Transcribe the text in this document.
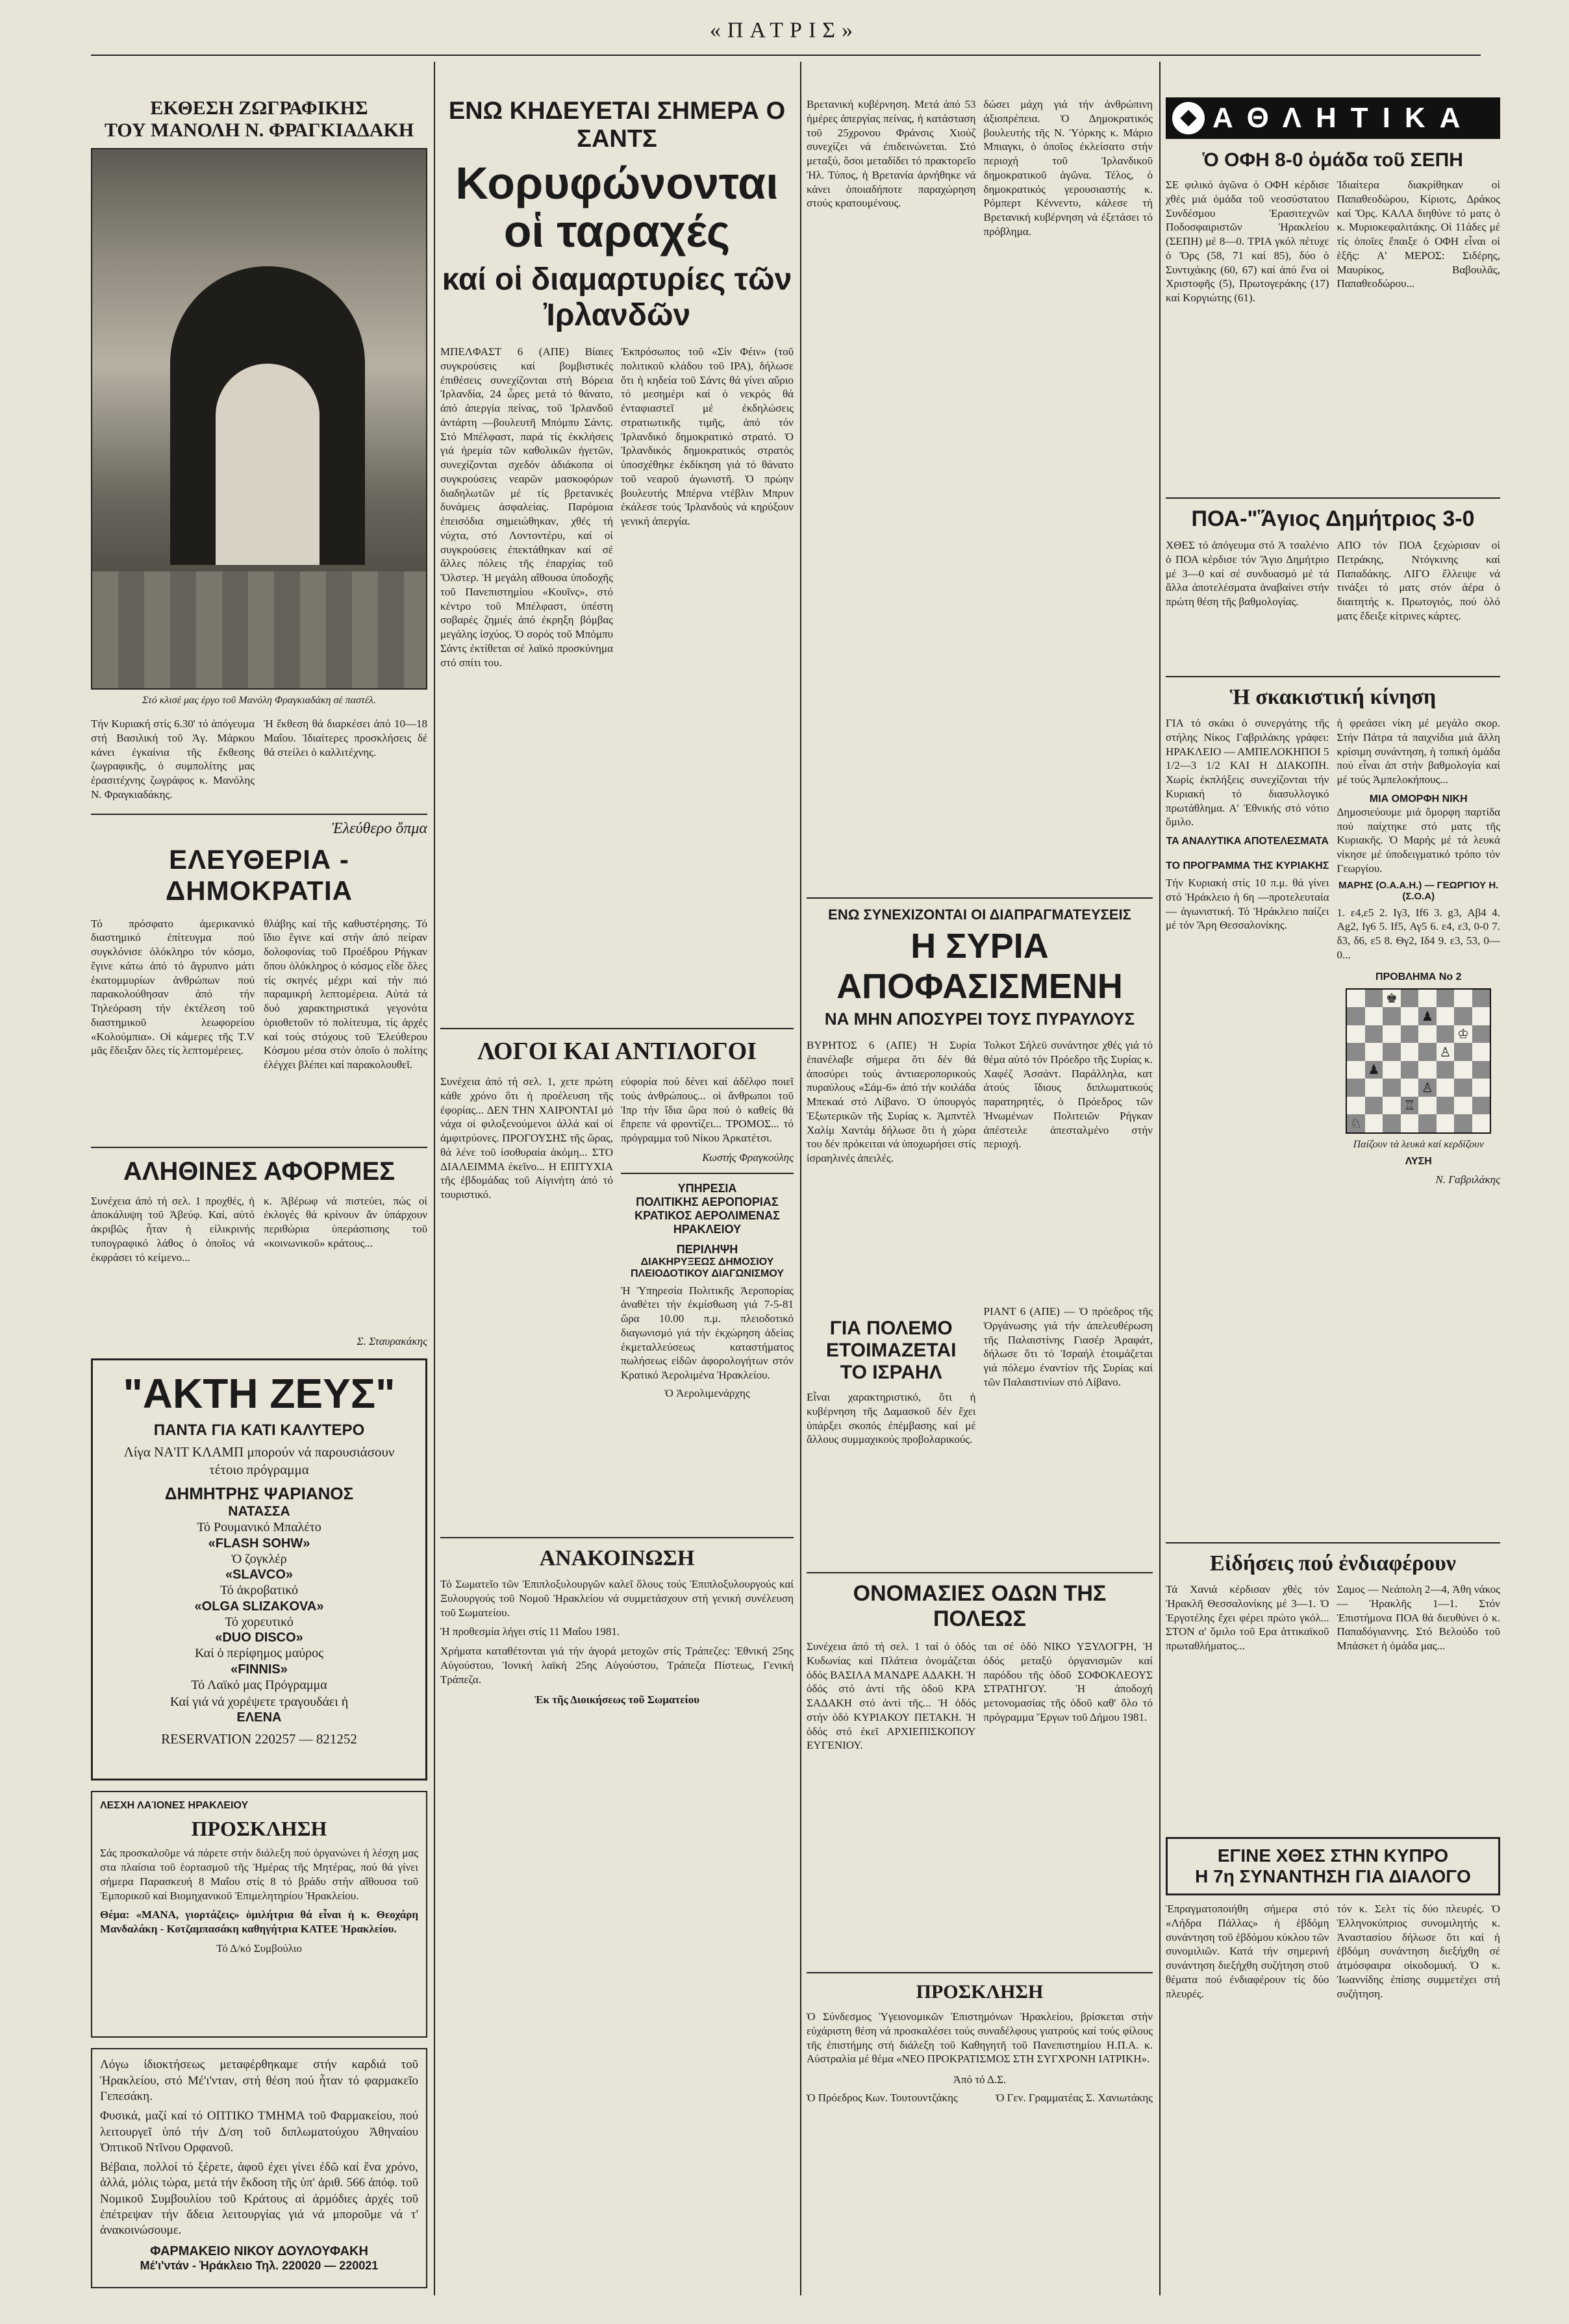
«ΠΑΤΡΙΣ»
ΕΚΘΕΣΗ ΖΩΓΡΑΦΙΚΗΣ
ΤΟΥ ΜΑΝΟΛΗ Ν. ΦΡΑΓΚΙΑΔΑΚΗ
Στό κλισέ μας έργο τοῦ Μανόλη Φραγκιαδάκη σέ παστέλ.

Τήν Κυριακή στίς 6.30' τό ἀπόγευμα στή Βασιλική τοῦ Ἁγ. Μάρκου κάνει ἐγκαίνια τῆς ἔκθεσης ζωγραφικῆς, ὁ συμπολίτης μας ἐρασιτέχνης ζωγράφος κ. Μανόλης Ν. Φραγκιαδάκης.

Ἡ ἔκθεση θά διαρκέσει ἀπό 10—18 Μαΐου. Ἰδιαίτερες προσκλήσεις δέ θά στείλει ὁ καλλιτέχνης.

Ἐλεύθερο ὄπμα
ΕΛΕΥΘΕΡΙΑ - ΔΗΜΟΚΡΑΤΙΑ

Τό πρόσφατο ἀμερικανικό διαστημικό ἐπίτευγμα πού συγκλόνισε ὁλόκληρο τόν κόσμο, ἔγινε κάτω ἀπό τό ἄγρυπνο μάτι ἑκατομμυρίων ἀνθρώπων πού παρακολούθησαν ἀπό τήν Τηλεόραση τήν ἐκτέλεση τοῦ διαστημικοῦ λεωφορείου «Κολούμπια». Οἱ κάμερες τῆς Τ.V μᾶς ἔδειξαν ὅλες τίς λεπτομέρειες.

θλάβης καί τῆς καθυστέρησης. Τό ἴδιο ἔγινε καί στήν ἀπό πείραν δολοφονίας τοῦ Προέδρου Ρήγκαν ὅπου ὁλόκληρος ὁ κόσμος εἶδε ὅλες τίς σκηνές μέχρι καί τήν πιό παραμικρή λεπτομέρεια. Αὐτά τά δυό χαρακτηριστικά γεγονότα ὁριοθετοῦν τό πολίτευμα, τίς ἀρχές καί τούς στόχους τοῦ Ἐλεύθερου Κόσμου μέσα στόν ὁποῖο ὁ πολίτης ἐλέγχει βλέπει καί παρακολουθεῖ.

ΑΛΗΘΙΝΕΣ ΑΦΟΡΜΕΣ

Συνέχεια ἀπό τή σελ. 1 προχθές, ἡ ἀποκάλυψη τοῦ Ἀβεύφ. Καί, αὐτό ἀκριβῶς ἦταν ἡ εἰλικρινής τυπογραφικό λάθος ὁ ὁποῖος νά ἐκφράσει τό κείμενο...

κ. Ἀβέρωφ νά πιστεύει, πώς οἱ ἐκλογές θά κρίνουν ἄν ὑπάρχουν περιθώρια ὑπεράσπισης τοῦ «κοινωνικοῦ» κράτους...

Σ. Σταυρακάκης
"ΑΚΤΗ ΖΕΥΣ"
ΠΑΝΤΑ ΓΙΑ ΚΑΤΙ ΚΑΛΥΤΕΡΟ
Λίγα ΝΑ'ΙΤ ΚΛΑΜΠ μπορούν νά παρουσιάσουν
τέτοιο πρόγραμμα
ΔΗΜΗΤΡΗΣ ΨΑΡΙΑΝΟΣ
ΝΑΤΑΣΣΑ
Τό Ρουμανικό Μπαλέτο
«FLASH SOHW»
Ὁ ζογκλέρ
«SLAVCO»
Τό ἀκροβατικό
«OLGA SLIZAKOVA»
Τό χορευτικό
«DUO DISCO»
Καί ὁ περίφημος μαύρος
«FINNIS»
Τό Λαϊκό μας Πρόγραμμα
Καί γιά νά χορέψετε τραγουδάει ἡ
ΕΛΕΝΑ
RESERVATION 220257 — 821252
ΛΕΣΧΗ ΛΑΊΟΝΕΣ ΗΡΑΚΛΕΙΟΥ
ΠΡΟΣΚΛΗΣΗ

Σάς προσκαλοῦμε νά πάρετε στήν διάλεξη πού ὀργανώνει ἡ λέσχη μας στα πλαίσια τοῦ ἑορτασμοῦ τῆς Ἡμέρας τῆς Μητέρας, πού θά γίνει σήμερα Παρασκευή 8 Μαΐου στίς 8 τό βράδυ στήν αἴθουσα τοῦ Ἐμπορικοῦ καί Βιομηχανικοῦ Ἐπιμελητηρίου Ἡρακλείου.

Θέμα: «ΜΑΝΑ, γιορτάζεις» ὁμιλήτρια θά εἶναι ἡ κ. Θεοχάρη Μανδαλάκη - Κοτζαμπασάκη καθηγήτρια ΚΑΤΕΕ Ἡρακλείου.

Τό Δ/κό Συμβούλιο

Λόγω ἰδιοκτήσεως μεταφέρθηκαμε στήν καρδιά τοῦ Ἡρακλείου, στό Μέ'ι'νταν, στή θέση πού ἦταν τό φαρμακεῖο Γεπεσάκη.

Φυσικά, μαζί καί τό ΟΠΤΙΚΟ ΤΜΗΜΑ τοῦ Φαρμακείου, πού λειτουργεῖ ὑπό τήν Δ/ση τοῦ διπλωματούχου Ἀθηναίου Ὀπτικοῦ Ντῖνου Ορφανοῦ.

Βέβαια, πολλοί τό ξέρετε, ἀφοῦ ἐχει γίνει ἐδῶ καί ἕνα χρόνο, ἀλλά, μόλις τώρα, μετά τήν ἔκδοση τῆς ὑπ' ἀριθ. 566 ἀπόφ. τοῦ Νομικοῦ Συμβουλίου τοῦ Κράτους αἱ ἀρμόδιες ἀρχές τοῦ ἐπέτρεψαν τήν ἄδεια λειτουργίας γιά νά μποροῦμε νά τ' ἀνακοινώσουμε.

ΦΑΡΜΑΚΕΙΟ ΝΙΚΟΥ ΔΟΥΛΟΥΦΑΚΗ
Μέ'ι'ντάν - Ἡράκλειο Τηλ. 220020 — 220021
ΕΝΩ ΚΗΔΕΥΕΤΑΙ ΣΗΜΕΡΑ Ο ΣΑΝΤΣ
Κορυφώνονται οἱ ταραχές
καί οἱ διαμαρτυρίες τῶν Ἰρλανδῶν

ΜΠΕΛΦΑΣΤ 6 (ΑΠΕ) Βίαιες συγκρούσεις καί βομβιστικές ἐπιθέσεις συνεχίζονται στή Βόρεια Ἰρλανδία, 24 ὧρες μετά τό θάνατο, ἀπό ἀπεργία πείνας, τοῦ Ἰρλανδοῦ ἀντάρτη —βουλευτῆ Μπόμπυ Σάντς. Στό Μπέλφαστ, παρά τίς ἐκκλήσεις γιά ἠρεμία τῶν καθολικῶν ἠγετῶν, συνεχίζονται σχεδόν ἀδιάκοπα οἱ συγκρούσεις νεαρῶν μασκοφόρων διαδηλωτῶν μέ τίς βρετανικές δυνάμεις ἀσφαλείας. Παρόμοια ἐπεισόδια σημειώθηκαν, χθές τή νύχτα, στό Λοντοντέρυ, καί οἱ συγκρούσεις ἐπεκτάθηκαν καί σέ ἄλλες πόλεις τῆς ἐπαρχίας τοῦ Ὄλστερ. Ἡ μεγάλη αἴθουσα ὑποδοχῆς τοῦ Πανεπιστημίου «Κουῖνς», στό κέντρο τοῦ Μπέλφαστ, ὑπέστη σοβαρές ζημιές ἀπό ἐκρηξη βόμβας μεγάλης ἰσχύος. Ὁ σορός τοῦ Μπόμπυ Σάντς ἐκτίθεται σέ λαϊκό προσκύνημα στό σπίτι του.

Ἐκπρόσωπος τοῦ «Σίν Φέιν» (τοῦ πολιτικοῦ κλάδου τοῦ IPA), δήλωσε ὅτι ἡ κηδεία τοῦ Σάντς θά γίνει αὔριο τό μεσημέρι καί ὁ νεκρός θά ἐνταφιαστεῖ μέ ἐκδηλώσεις στρατιωτικῆς τιμῆς, ἀπό τόν Ἰρλανδικό δημοκρατικό στρατό. Ὁ Ἰρλανδικός δημοκρατικός στρατός ὑποσχέθηκε ἐκδίκηση γιά τό θάνατο τοῦ νεαροῦ ἀγωνιστῆ. Ὁ πρώην βουλευτής Μπέρνα ντέβλιν Μπρυν ἐκάλεσε τούς Ἰρλανδούς νά κηρύξουν γενική ἀπεργία.

ΛΟΓΟΙ ΚΑΙ ΑΝΤΙΛΟΓΟΙ

Συνέχεια ἀπό τή σελ. 1, χετε πρώτη κάθε χρόνο ὅτι ἡ προέλευση τῆς ἐφορίας... ΔΕΝ ΤΗΝ ΧΑΙΡΟΝΤΑΙ μό νάχα οἱ φιλοξενούμενοι ἀλλά καί οἱ ἀμφιτρύονες. ΠΡΟΓΟΥΣΗΣ τῆς ὥρας, θά λένε τοῦ ἰσοθυραία ἀκόμη... ΣΤΟ ΔΙΑΛΕΙΜΜΑ ἐκεῖνο... Η ΕΠΙΤΥΧΙΑ τῆς ἐβδομάδας τοῦ Αἰγινήτη ἀπό τό τουριστικό.

εὐφορία πού δένει καί ἀδέλφο ποιεῖ τούς ἀνθρώπους... οἱ ἄνθρωποι τοῦ Ἰπρ τήν ἴδια ὥρα πού ὁ καθείς θά ἔπρεπε νά φροντίζει... ΤΡΟΜΟΣ... τό πρόγραμμα τοῦ Νίκου Ἀρκατέτσι.

Κωστής Φραγκούλης
ΥΠΗΡΕΣΙΑ
ΠΟΛΙΤΙΚΗΣ ΑΕΡΟΠΟΡΙΑΣ
ΚΡΑΤΙΚΟΣ ΑΕΡΟΛΙΜΕΝΑΣ
ΗΡΑΚΛΕΙΟΥ
ΠΕΡΙΛΗΨΗ
ΔΙΑΚΗΡΥΞΕΩΣ ΔΗΜΟΣΙΟΥ ΠΛΕΙΟΔΟΤΙΚΟΥ ΔΙΑΓΩΝΙΣΜΟΥ

Ἡ Ὑπηρεσία Πολιτικῆς Ἀεροπορίας ἀναθέτει τήν ἐκμίσθωση γιά 7-5-81 ὥρα 10.00 π.μ. πλειοδοτικό διαγωνισμό γιά τήν ἐκχώρηση ἀδείας ἐκμεταλλεύσεως καταστήματος πωλήσεως εἰδῶν ἀφορολογήτων στόν Κρατικό Ἀερολιμένα Ἡρακλείου.

Ὁ Ἀερολιμενάρχης
ΑΝΑΚΟΙΝΩΣΗ

Τό Σωματεῖο τῶν Ἐπιπλοξυλουργῶν καλεῖ ὅλους τούς Ἐπιπλοξυλουργούς καί Ξυλουργούς τοῦ Νομοῦ Ἡρακλείου νά συμμετάσχουν στή γενική συνέλευση τοῦ Σωματείου.

Ἡ προθεσμία λήγει στίς 11 Μαΐου 1981.

Χρήματα καταθέτονται γιά τήν ἀγορά μετοχῶν στίς Τράπεζες: Ἐθνική 25ης Αὐγούστου, Ἰονική λαϊκή 25ης Αὐγούστου, Τράπεζα Πίστεως, Γενική Τράπεζα.

Ἐκ τῆς Διοικήσεως τοῦ Σωματείου

Βρετανική κυβέρνηση. Μετά ἀπό 53 ἡμέρες ἀπεργίας πείνας, ἡ κατάσταση τοῦ 25χρονου Φράνσις Χιούζ συνεχίζει νά ἐπιδεινώνεται. Στό μεταξύ, ὅσοι μεταδίδει τό πρακτορεῖο Ἡλ. Τύπος, ἡ Βρετανία ἀρνήθηκε νά κάνει ὁποιαδήποτε παραχώρηση στούς κρατουμένους.

δώσει μάχη γιά τήν ἀνθρώπινη ἀξιοπρέπεια. Ὁ Δημοκρατικός βουλευτής τῆς Ν. Ὑόρκης κ. Μάριο Μπιαγκι, ὁ ὁποῖος ἐκλείσατο στήν περιοχή τοῦ Ἰρλανδικοῦ δημοκρατικοῦ ἀγῶνα. Τέλος, ὁ δημοκρατικός γερουσιαστής κ. Ρόμπερτ Κέννεντυ, κάλεσε τή Βρετανική κυβέρνηση νά ἐξετάσει τό πρόβλημα.

ΕΝΩ ΣΥΝΕΧΙΖΟΝΤΑΙ ΟΙ ΔΙΑΠΡΑΓΜΑΤΕΥΣΕΙΣ
Η ΣΥΡΙΑ ΑΠΟΦΑΣΙΣΜΕΝΗ
ΝΑ ΜΗΝ ΑΠΟΣΥΡΕΙ ΤΟΥΣ ΠΥΡΑΥΛΟΥΣ

ΒΥΡΗΤΟΣ 6 (ΑΠΕ) Ἡ Συρία ἐπανέλαβε σήμερα ὅτι δέν θά ἀποσύρει τούς ἀντιαεροπορικούς πυραύλους «Σάμ-6» ἀπό τήν κοιλάδα Μπεκαά στό Λίβανο. Ὁ ὑπουργός Ἐξωτερικῶν τῆς Συρίας κ. Ἀμπντέλ Χαλίμ Χαντάμ δήλωσε ὅτι ἡ χώρα του δέν πρόκειται νά ὑποχωρήσει στίς ἰσραηλινές ἀπειλές.

Τολκοτ Σήλεϋ συνάντησε χθές γιά τό θέμα αὐτό τόν Πρόεδρο τῆς Συρίας κ. Χαφέζ Ἀσσάντ. Παράλληλα, κατ ἀτούς ἴδιους διπλωματικούς παρατηρητές, ὁ Πρόεδρος τῶν Ἡνωμένων Πολιτειῶν Ρήγκαν ἀπέστειλε ἀπεσταλμένο στήν περιοχή.

ΓΙΑ ΠΟΛΕΜΟ
ΕΤΟΙΜΑΖΕΤΑΙ
ΤΟ ΙΣΡΑΗΛ

Εἶναι χαρακτηριστικό, ὅτι ἡ κυβέρνηση τῆς Δαμασκοῦ δέν ἔχει ὑπάρξει σκοπός ἐπέμβασης καί μέ ἄλλους συμμαχικούς προβολαρικούς.

ΡΙΑΝΤ 6 (ΑΠΕ) — Ὁ πρόεδρος τῆς Ὀργάνωσης γιά τήν ἀπελευθέρωση τῆς Παλαιστίνης Γιασέρ Ἀραφάτ, δήλωσε ὅτι τό Ἰσραήλ ἑτοιμάζεται γιά πόλεμο ἐναντίον τῆς Συρίας καί τῶν Παλαιστινίων στό Λίβανο.

ΟΝΟΜΑΣΙΕΣ ΟΔΩΝ ΤΗΣ ΠΟΛΕΩΣ

Συνέχεια ἀπό τή σελ. 1 ταί ὁ ὁδός Κυδωνίας καί Πλάτεια ὀνομάζεται ὁδός ΒΑΣΙΛΑ ΜΑΝΔΡΕ ΑΔΑΚΗ. Ἡ ὁδός στό ἀντί τῆς ὁδοῦ ΚΡΑ ΣΑΔΑΚΗ στό ἀντί τῆς... Ἡ ὁδός στήν ὁδό ΚΥΡΙΑΚΟΥ ΠΕΤΑΚΗ. Ἡ ὁδός στό ἐκεῖ ΑΡΧΙΕΠΙΣΚΟΠΟΥ ΕΥΓΕΝΙΟΥ.

ται σέ ὁδό ΝΙΚΟ ΥΞΥΛΟΓΡΗ, Ἡ ὁδός μεταξύ ὀργανισμῶν καί παρόδου τῆς ὁδοῦ ΣΟΦΟΚΛΕΟΥΣ ΣΤΡΑΤΗΓΟΥ. Ἡ ἀποδοχή μετονομασίας τῆς ὁδοῦ καθ' ὅλο τό πρόγραμμα Ἔργων τοῦ Δήμου 1981.

ΠΡΟΣΚΛΗΣΗ

Ὁ Σύνδεσμος Ὑγειονομικῶν Ἐπιστημόνων Ἡρακλείου, βρίσκεται στήν εὐχάριστη θέση νά προσκαλέσει τούς συναδέλφους γιατρούς καί τούς φίλους τῆς ἐπιστήμης στή διάλεξη τοῦ Καθηγητῆ τοῦ Πανεπιστημίου Η.Π.Α. κ. Αὐστραλία μέ θέμα «ΝΕΟ ΠΡΟΚΡΑΤΙΣΜΟΣ ΣΤΗ ΣΥΓΧΡΟΝΗ ΙΑΤΡΙΚΗ».

Ἀπό τό Δ.Σ.
Ὁ Πρόεδρος Κων. Τουτουντζάκης	Ὁ Γεν. Γραμματέας Σ. Χανιωτάκης
ΑΘΛΗΤΙΚΑ
Ὁ ΟΦΗ 8-0 ὁμάδα τοῦ ΣΕΠΗ

ΣΕ φιλικό ἀγῶνα ὁ ΟΦΗ κέρδισε χθές μιά ὁμάδα τοῦ νεοσύστατου Συνδέσμου Ἐρασιτεχνῶν Ποδοσφαιριστῶν Ἡρακλείου (ΣΕΠΗ) μέ 8—0. ΤΡΙΑ γκόλ πέτυχε ὁ Ὄρς (58, 71 καί 85), δύο ὁ Συντιχάκης (60, 67) καί ἀπό ἕνα οἱ Χριστοφῆς (5), Πρωτογεράκης (17) καί Κοργιώτης (61).

Ἰδιαίτερα διακρίθηκαν οἱ Παπαθεοδώρου, Κίριοτς, Δράκος καί Ὄρς. ΚΑΛΑ διηθύνε τό ματς ὁ κ. Μυριοκεφαλιτάκης. Οἱ 11άδες μέ τίς ὁποῖες ἔπαιξε ὁ ΟΦΗ εἶναι οἱ ἑξῆς: Α' ΜΕΡΟΣ: Σιδέρης, Μαυρίκος, Βαβουλᾶς, Παπαθεοδώρου...

ΠΟΑ-"Ἅγιος Δημήτριος 3-0

ΧΘΕΣ τό ἀπόγευμα στό Ἀ τσαλένιο ὁ ΠΟΑ κέρδισε τόν Ἅγιο Δημήτριο μέ 3—0 καί σέ συνδυασμό μέ τά ἄλλα ἀποτελέσματα ἀναβαίνει στήν πρώτη θέση τῆς βαθμολογίας.

ΑΠΟ τόν ΠΟΑ ξεχώρισαν οἱ Πετράκης, Ντόγκινης καί Παπαδάκης. ΛΙΓΟ ἔλλειψε νά τινάξει τό ματς στόν ἀέρα ὁ διαιτητής κ. Πρωτογιός, πού ὁλό ματς ἔδειξε κίτρινες κάρτες.

Ἡ σκακιστική κίνηση

ΓΙΑ τό σκάκι ὁ συνεργάτης τῆς στήλης Νίκος Γαβριλάκης γράφει: ΗΡΑΚΛΕΙΟ — ΑΜΠΕΛΟΚΗΠΟΙ 5 1/2—3 1/2 ΚΑΙ Η ΔΙΑΚΟΠΗ. Χωρίς ἐκπλήξεις συνεχίζονται τήν Κυριακή τό διασυλλογικό πρωτάθλημα. Α' Ἐθνικής στό νότιο ὅμιλο.

ΤΑ ΑΝΑΛΥΤΙΚΑ ΑΠΟΤΕΛΕΣΜΑΤΑ
ΤΟ ΠΡΟΓΡΑΜΜΑ ΤΗΣ ΚΥΡΙΑΚΗΣ

Τήν Κυριακή στίς 10 π.μ. θά γίνει στό Ἡράκλειο ἡ 6η —προτελευταία— ἀγωνιστική. Τό Ἡράκλειο παίζει μέ τόν Ἄρη Θεσσαλονίκης.

ἡ φρεάσει νίκη μέ μεγάλο σκορ. Στήν Πάτρα τά παιχνίδια μιά ἄλλη κρίσιμη συνάντηση, ἡ τοπική ὁμάδα πού εἶναι ἀπ στήν βαθμολογία καί μέ τούς Ἀμπελοκήπους...

ΜΙΑ ΟΜΟΡΦΗ ΝΙΚΗ

Δημοσιεύουμε μιά ὄμορφη παρτίδα πού παίχτηκε στό ματς τῆς Κυριακῆς. Ὁ Μαρής μέ τά λευκά νίκησε μέ ὑποδειγματικό τρόπο τόν Γεωργίου.

ΜΑΡΗΣ (Ο.Α.Α.Η.) — ΓΕΩΡΓΙΟΥ Η. (Σ.Ο.Α)

1. ε4,ε5 2. Ιγ3, Ιf6 3. g3, Αβ4 4. Αg2, Ιγ6 5. Ιf5, Αγ5 6. ε4, ε3, 0-0 7. δ3, δ6, ε5 8. Θγ2, Ιδ4 9. ε3, 53, 0—0...

ΠΡΟΒΛΗΜΑ Νο 2
♚
♟
♔
♙
♟
♙
♖
♘
Παίζουν τά λευκά καί κερδίζουν
ΛΥΣΗ
Ν. Γαβριλάκης
Εἰδήσεις πού ἐνδιαφέρουν

Τά Χανιά κέρδισαν χθές τόν Ἡρακλῆ Θεσσαλονίκης μέ 3—1. Ὁ Ἐργοτέλης ἔχει φέρει πρώτο γκόλ... ΣΤΟΝ α' ὅμιλο τοῦ Ερα ἀττικαϊκοῦ πρωταθλήματος...

Σαμος — Νεάπολη 2—4, Ἀθη νάκος — Ἡρακλῆς 1—1. Στόν Ἐπιστήμονα ΠΟΑ θά διευθύνει ὁ κ. Παπαδόγιαννης. Στό Βελούδο τοῦ Μπάσκετ ἡ ὁμάδα μας...

ΕΓΙΝΕ ΧΘΕΣ ΣΤΗΝ ΚΥΠΡΟ
Η 7η ΣΥΝΑΝΤΗΣΗ ΓΙΑ ΔΙΑΛΟΓΟ

Ἐπραγματοποιήθη σήμερα στό «Λήδρα Πάλλας» ἡ ἑβδόμη συνάντηση τοῦ ἑβδόμου κύκλου τῶν συνομιλιῶν. Κατά τήν σημερινή συνάντηση διεξήχθη συζήτηση στοῦ θέματα πού ἐνδιαφέρουν τίς δύο πλευρές.

τόν κ. Σελτ τίς δύο πλευρές. Ὁ Ἑλληνοκύπριος συνομιλητής κ. Ἀναστασίου δήλωσε ὅτι καί ἡ ἑβδόμη συνάντηση διεξήχθη σέ ἀτμόσφαιρα οἰκοδομική. Ὁ κ. Ἰωαννίδης ἐπίσης συμμετέχει στή συζήτηση.
